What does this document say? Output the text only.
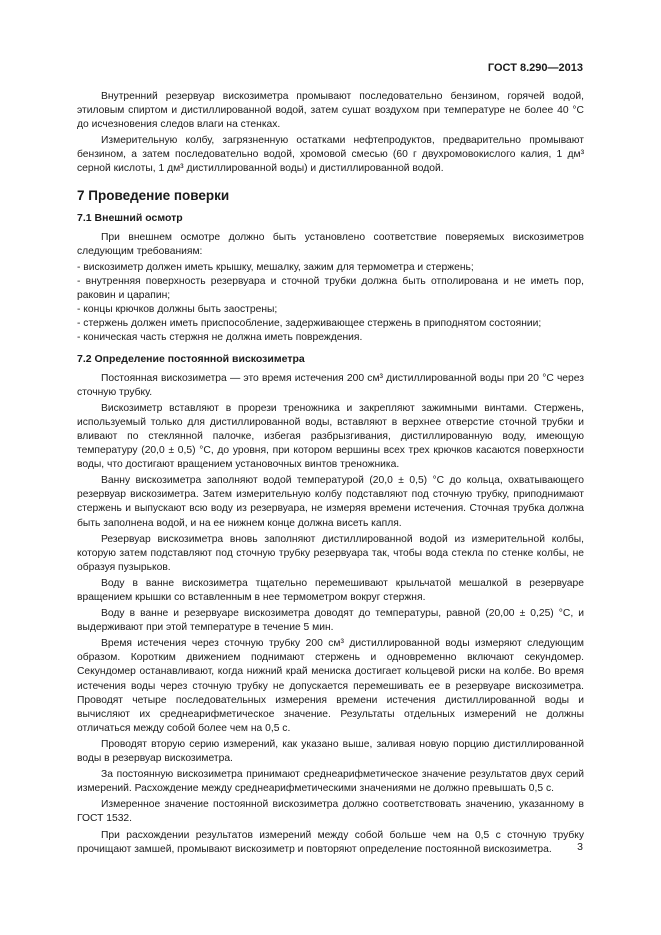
ГОСТ 8.290—2013

Внутренний резервуар вискозиметра промывают последовательно бензином, горячей водой, этиловым спиртом и дистиллированной водой, затем сушат воздухом при температуре не более 40 °С до исчезновения следов влаги на стенках.

Измерительную колбу, загрязненную остатками нефтепродуктов, предварительно промывают бензином, а затем последовательно водой, хромовой смесью (60 г двухромовокислого калия, 1 дм³ серной кислоты, 1 дм³ дистиллированной воды) и дистиллированной водой.

7 Проведение поверки
7.1 Внешний осмотр

При внешнем осмотре должно быть установлено соответствие поверяемых вискозиметров следующим требованиям:

- вискозиметр должен иметь крышку, мешалку, зажим для термометра и стержень;
- внутренняя поверхность резервуара и сточной трубки должна быть отполирована и не иметь пор, раковин и царапин;
- концы крючков должны быть заострены;
- стержень должен иметь приспособление, задерживающее стержень в приподнятом состоянии;
- коническая часть стержня не должна иметь повреждения.
7.2 Определение постоянной вискозиметра

Постоянная вискозиметра — это время истечения 200 см³ дистиллированной воды при 20 °С через сточную трубку.

Вискозиметр вставляют в прорези треножника и закрепляют зажимными винтами. Стержень, используемый только для дистиллированной воды, вставляют в верхнее отверстие сточной трубки и вливают по стеклянной палочке, избегая разбрызгивания, дистиллированную воду, имеющую температуру (20,0 ± 0,5) °С, до уровня, при котором вершины всех трех крючков касаются поверхности воды, что достигают вращением установочных винтов треножника.

Ванну вискозиметра заполняют водой температурой (20,0 ± 0,5) °С до кольца, охватывающего резервуар вискозиметра. Затем измерительную колбу подставляют под сточную трубку, приподнимают стержень и выпускают всю воду из резервуара, не измеряя времени истечения. Сточная трубка должна быть заполнена водой, и на ее нижнем конце должна висеть капля.

Резервуар вискозиметра вновь заполняют дистиллированной водой из измерительной колбы, которую затем подставляют под сточную трубку резервуара так, чтобы вода стекла по стенке колбы, не образуя пузырьков.

Воду в ванне вискозиметра тщательно перемешивают крыльчатой мешалкой в резервуаре вращением крышки со вставленным в нее термометром вокруг стержня.

Воду в ванне и резервуаре вискозиметра доводят до температуры, равной (20,00 ± 0,25) °С, и выдерживают при этой температуре в течение 5 мин.

Время истечения через сточную трубку 200 см³ дистиллированной воды измеряют следующим образом. Коротким движением поднимают стержень и одновременно включают секундомер. Секундомер останавливают, когда нижний край мениска достигает кольцевой риски на колбе. Во время истечения воды через сточную трубку не допускается перемешивать ее в резервуаре вискозиметра. Проводят четыре последовательных измерения времени истечения дистиллированной воды и вычисляют их среднеарифметическое значение. Результаты отдельных измерений не должны отличаться между собой более чем на 0,5 с.

Проводят вторую серию измерений, как указано выше, заливая новую порцию дистиллированной воды в резервуар вискозиметра.

За постоянную вискозиметра принимают среднеарифметическое значение результатов двух серий измерений. Расхождение между среднеарифметическими значениями не должно превышать 0,5 с.

Измеренное значение постоянной вискозиметра должно соответствовать значению, указанному в ГОСТ 1532.

При расхождении результатов измерений между собой больше чем на 0,5 с сточную трубку прочищают замшей, промывают вискозиметр и повторяют определение постоянной вискозиметра.	3
